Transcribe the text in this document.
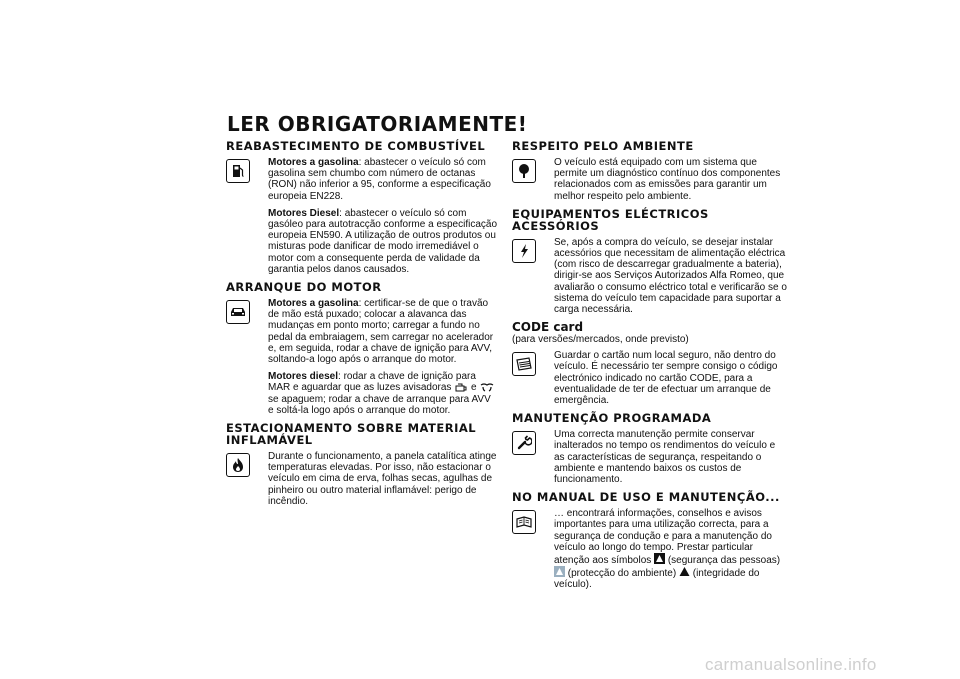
LER OBRIGATORIAMENTE!
REABASTECIMENTO DE COMBUSTÍVEL

Motores a gasolina: abastecer o veículo só com gasolina sem chumbo com número de octanas (RON) não inferior a 95, conforme a especificação europeia EN228.

Motores Diesel: abastecer o veículo só com gasóleo para autotracção conforme a especificação europeia EN590. A utilização de outros produtos ou misturas pode danificar de modo irremediável o motor com a consequente perda de validade da garantia pelos danos causados.

ARRANQUE DO MOTOR

Motores a gasolina: certificar-se de que o travão de mão está puxado; colocar a alavanca das mudanças em ponto morto; carregar a fundo no pedal da embraiagem, sem carregar no acelerador e, em seguida, rodar a chave de ignição para AVV, soltando-a logo após o arranque do motor.

Motores diesel: rodar a chave de ignição para MAR e aguardar que as luzes avisadoras e  se apaguem; rodar a chave de arranque para AVV e soltá-la logo após o arranque do motor.

ESTACIONAMENTO SOBRE MATERIAL INFLAMÁVEL

Durante o funcionamento, a panela catalítica atinge temperaturas elevadas. Por isso, não estacionar o veículo em cima de erva, folhas secas, agulhas de pinheiro ou outro material inflamável: perigo de incêndio.

RESPEITO PELO AMBIENTE

O veículo está equipado com um sistema que permite um diagnóstico contínuo dos componentes relacionados com as emissões para garantir um melhor respeito pelo ambiente.

EQUIPAMENTOS ELÉCTRICOS ACESSÓRIOS

Se, após a compra do veículo, se desejar instalar acessórios que necessitam de alimentação eléctrica (com risco de descarregar gradualmente a bateria), dirigir-se aos Serviços Autorizados Alfa Romeo, que avaliarão o consumo eléctrico total e verificarão se o sistema do veículo tem capacidade para suportar a carga necessária.

CODE card

(para versões/mercados, onde previsto)

Guardar o cartão num local seguro, não dentro do veículo. É necessário ter sempre consigo o código electrónico indicado no cartão CODE, para a eventualidade de ter de efectuar um arranque de emergência.

MANUTENÇÃO PROGRAMADA

Uma correcta manutenção permite conservar inalterados no tempo os rendimentos do veículo e as características de segurança, respeitando o ambiente e mantendo baixos os custos de funcionamento.

NO MANUAL DE USO E MANUTENÇÃO...

… encontrará informações, conselhos e avisos importantes para uma utilização correcta, para a segurança de condução e para a manutenção do veículo ao longo do tempo. Prestar particular atenção aos símbolos (segurança das pessoas)  (protecção do ambiente) (integridade do veículo).

carmanualsonline.info
